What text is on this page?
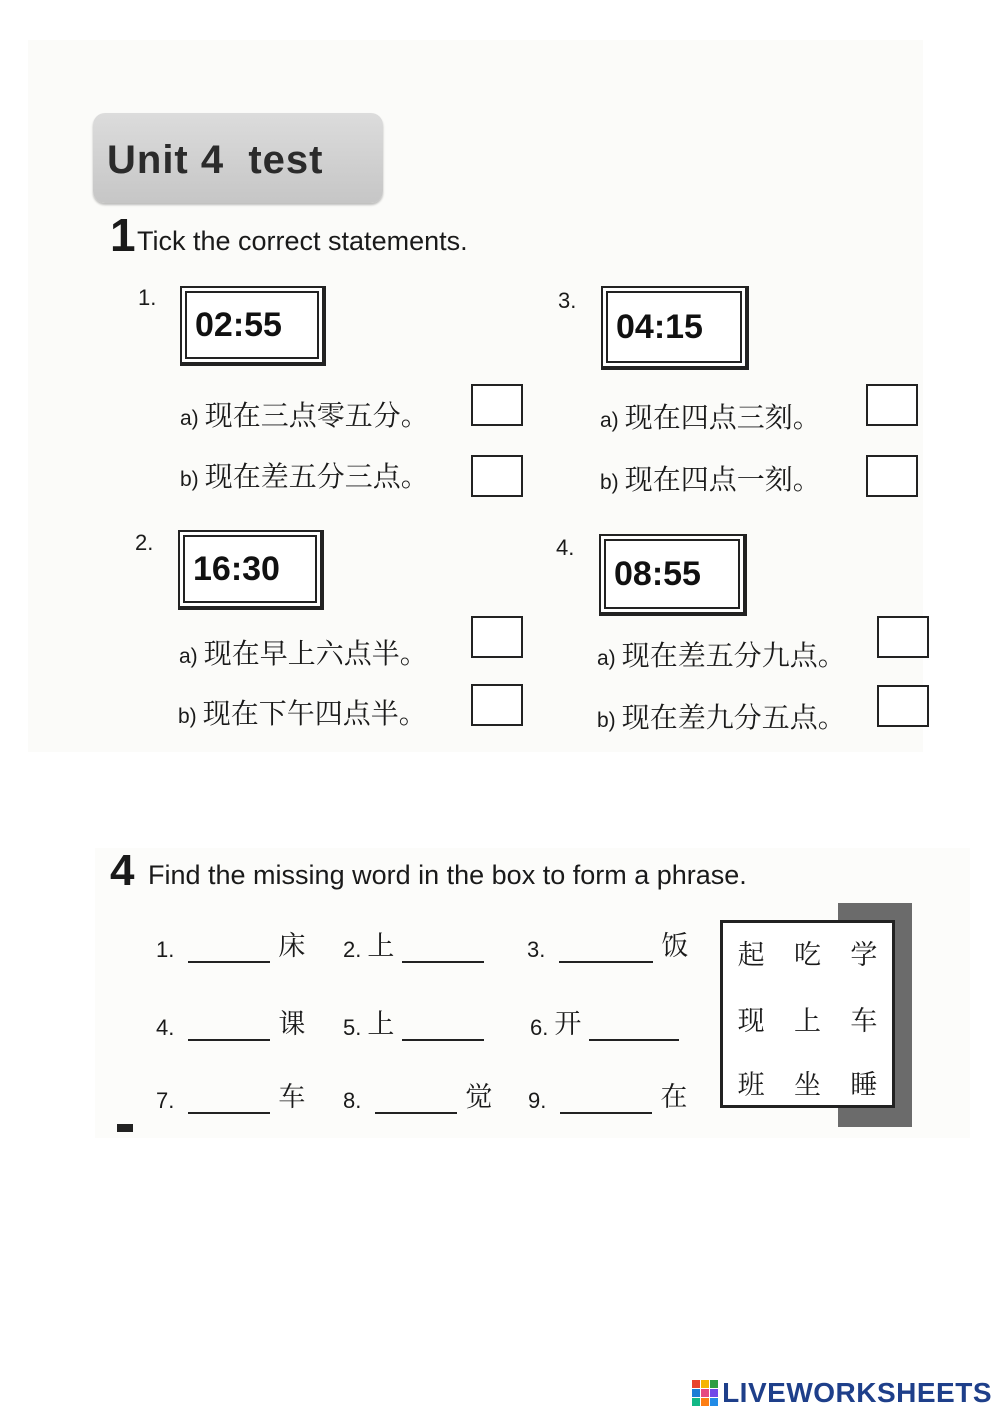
Unit 4  test
1 Tick the correct statements.
1.
02:55
a) 现在三点零五分。
b) 现在差五分三点。
2.
16:30
a) 现在早上六点半。
b) 现在下午四点半。
3.
04:15
a) 现在四点三刻。
b) 现在四点一刻。
4.
08:55
a) 现在差五分九点。
b) 现在差九分五点。
4 Find the missing word in the box to form a phrase.
1.	床 2. 上	3.	饭
4.	课 5. 上	6. 开
7.	车 8.	觉 9.	在
起 吃 学
现 上 车
班 坐 睡
LIVEWORKSHEETS
